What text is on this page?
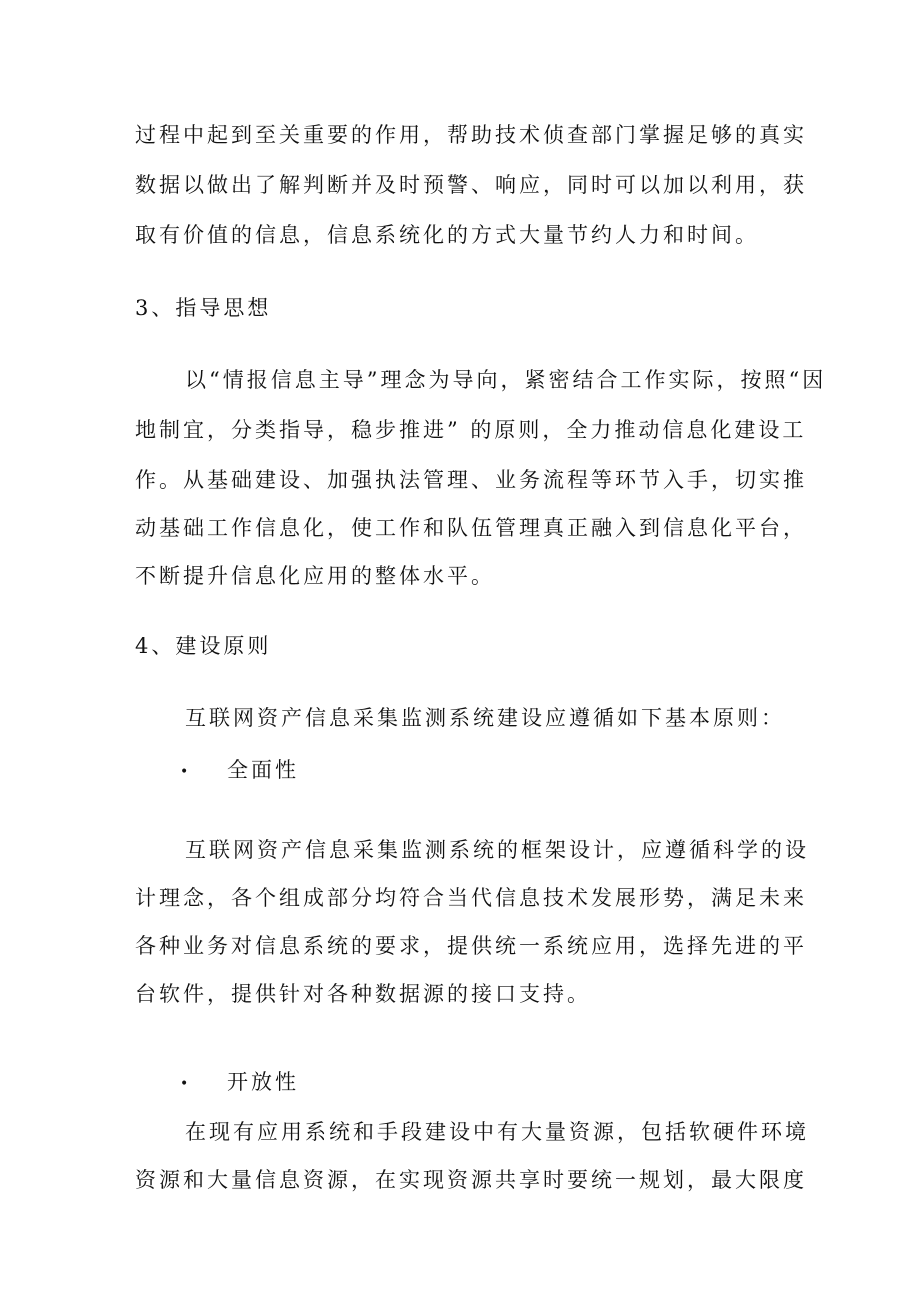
过程中起到至关重要的作用，帮助技术侦查部门掌握足够的真实
数据以做出了解判断并及时预警、响应，同时可以加以利用，获
取有价值的信息，信息系统化的方式大量节约人力和时间。
3、指导思想
以“情报信息主导”理念为导向，紧密结合工作实际，按照“因
地制宜，分类指导，稳步推进” 的原则，全力推动信息化建设工
作。从基础建设、加强执法管理、业务流程等环节入手，切实推
动基础工作信息化，使工作和队伍管理真正融入到信息化平台，
不断提升信息化应用的整体水平。
4、建设原则
互联网资产信息采集监测系统建设应遵循如下基本原则：
• 全面性
互联网资产信息采集监测系统的框架设计，应遵循科学的设
计理念，各个组成部分均符合当代信息技术发展形势，满足未来
各种业务对信息系统的要求，提供统一系统应用，选择先进的平
台软件，提供针对各种数据源的接口支持。
• 开放性
在现有应用系统和手段建设中有大量资源，包括软硬件环境
资源和大量信息资源，在实现资源共享时要统一规划，最大限度
